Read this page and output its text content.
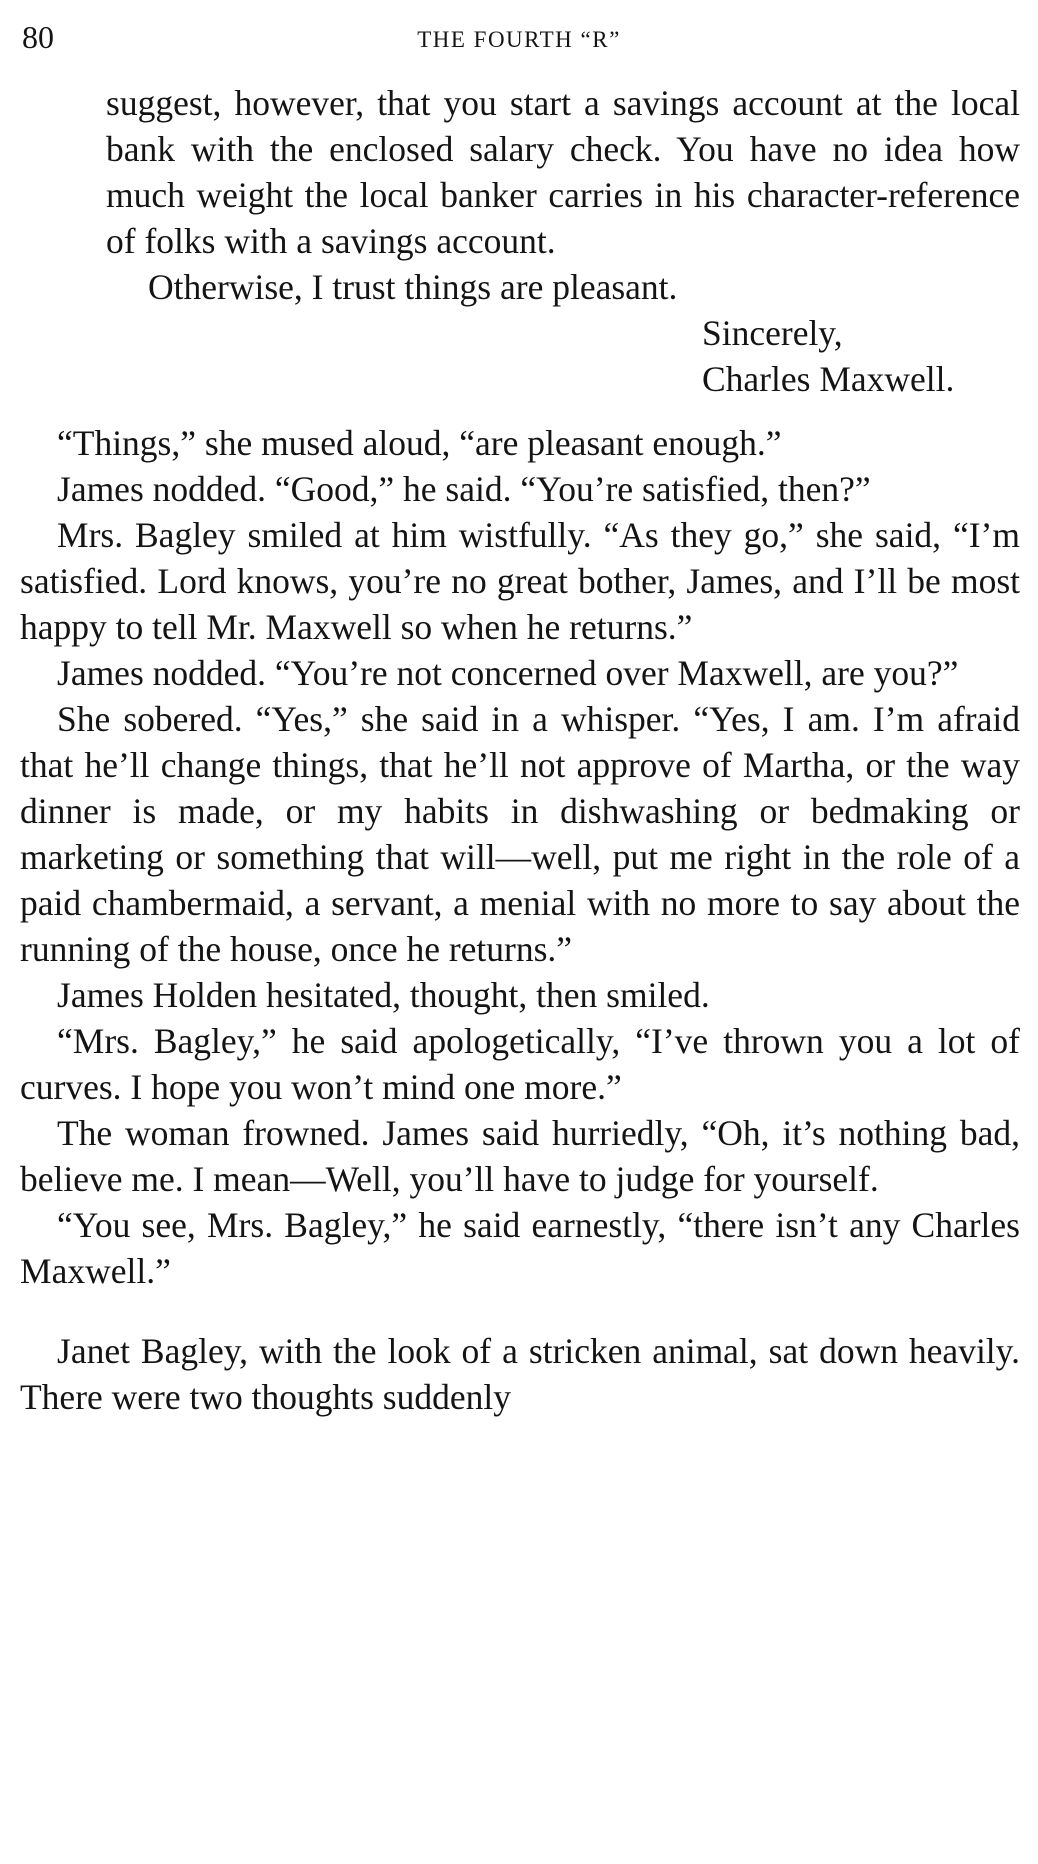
80	THE FOURTH “R”

suggest, however, that you start a savings account at the local bank with the enclosed salary check. You have no idea how much weight the local banker carries in his character-reference of folks with a savings account.

Otherwise, I trust things are pleasant.

Sincerely,

Charles Maxwell.

“Things,” she mused aloud, “are pleasant enough.”

James nodded. “Good,” he said. “You’re satisfied, then?”

Mrs. Bagley smiled at him wistfully. “As they go,” she said, “I’m satisfied. Lord knows, you’re no great bother, James, and I’ll be most happy to tell Mr. Maxwell so when he returns.”

James nodded. “You’re not concerned over Maxwell, are you?”

She sobered. “Yes,” she said in a whisper. “Yes, I am. I’m afraid that he’ll change things, that he’ll not approve of Martha, or the way dinner is made, or my habits in dishwashing or bedmaking or marketing or something that will—well, put me right in the role of a paid chambermaid, a servant, a menial with no more to say about the running of the house, once he returns.”

James Holden hesitated, thought, then smiled.

“Mrs. Bagley,” he said apologetically, “I’ve thrown you a lot of curves. I hope you won’t mind one more.”

The woman frowned. James said hurriedly, “Oh, it’s nothing bad, believe me. I mean—Well, you’ll have to judge for yourself.

“You see, Mrs. Bagley,” he said earnestly, “there isn’t any Charles Maxwell.”

Janet Bagley, with the look of a stricken animal, sat down heavily. There were two thoughts suddenly
